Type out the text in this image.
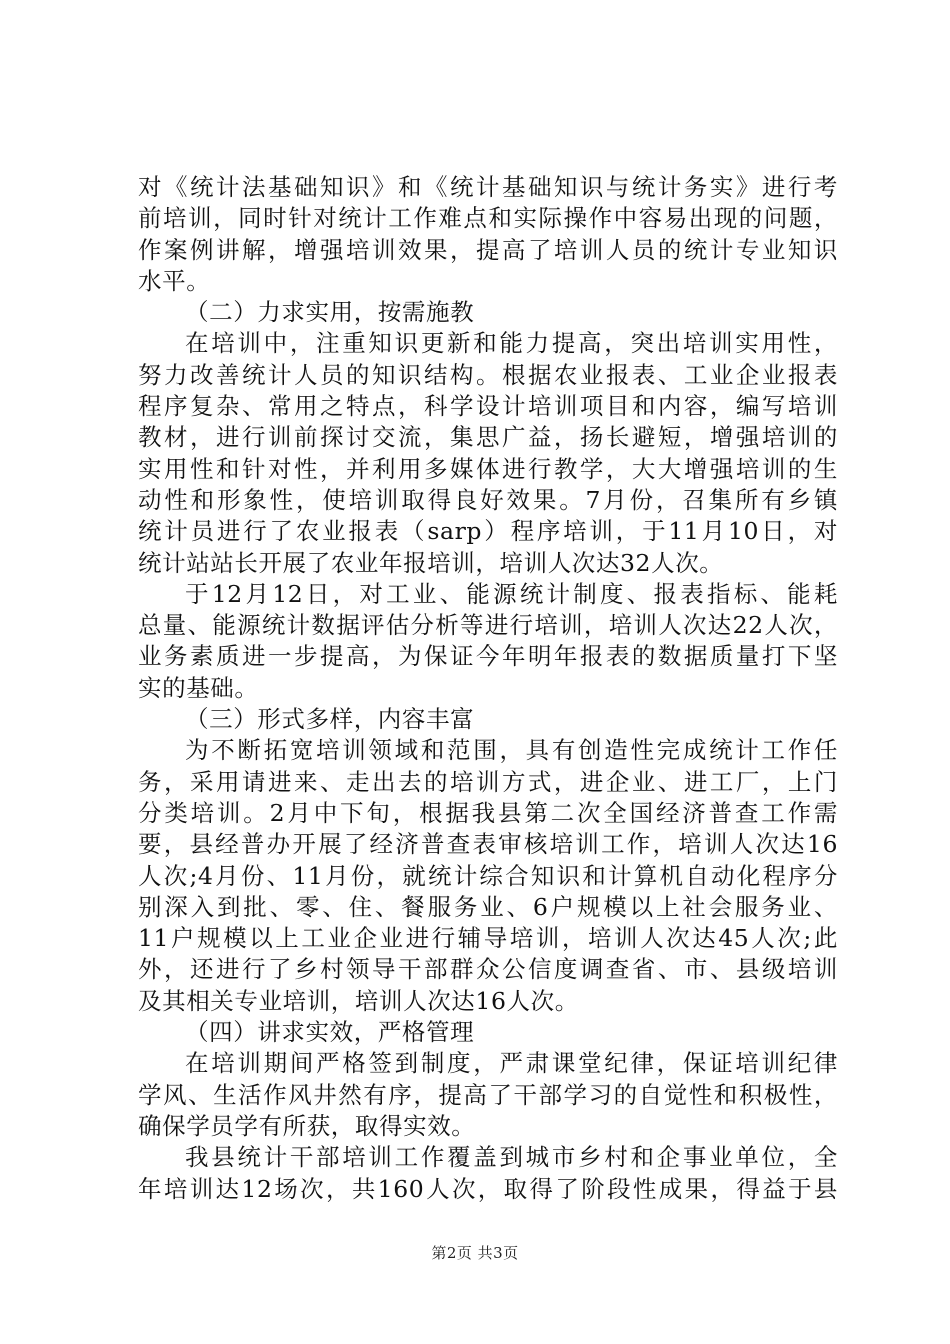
对《统计法基础知识》和《统计基础知识与统计务实》进行考
前培训，同时针对统计工作难点和实际操作中容易出现的问题，
作案例讲解，增强培训效果，提高了培训人员的统计专业知识
水平。
（二）力求实用，按需施教
在培训中，注重知识更新和能力提高，突出培训实用性，
努力改善统计人员的知识结构。根据农业报表、工业企业报表
程序复杂、常用之特点，科学设计培训项目和内容，编写培训
教材，进行训前探讨交流，集思广益，扬长避短，增强培训的
实用性和针对性，并利用多媒体进行教学，大大增强培训的生
动性和形象性，使培训取得良好效果。7月份，召集所有乡镇
统计员进行了农业报表（sarp）程序培训，于11月10日，对
统计站站长开展了农业年报培训，培训人次达32人次。
于12月12日，对工业、能源统计制度、报表指标、能耗
总量、能源统计数据评估分析等进行培训，培训人次达22人次，
业务素质进一步提高，为保证今年明年报表的数据质量打下坚
实的基础。
（三）形式多样，内容丰富
为不断拓宽培训领域和范围，具有创造性完成统计工作任
务，采用请进来、走出去的培训方式，进企业、进工厂，上门
分类培训。2月中下旬，根据我县第二次全国经济普查工作需
要，县经普办开展了经济普查表审核培训工作，培训人次达16
人次;4月份、11月份，就统计综合知识和计算机自动化程序分
别深入到批、零、住、餐服务业、6户规模以上社会服务业、
11户规模以上工业企业进行辅导培训，培训人次达45人次;此
外，还进行了乡村领导干部群众公信度调查省、市、县级培训
及其相关专业培训，培训人次达16人次。
（四）讲求实效，严格管理
在培训期间严格签到制度，严肃课堂纪律，保证培训纪律
学风、生活作风井然有序，提高了干部学习的自觉性和积极性，
确保学员学有所获，取得实效。
我县统计干部培训工作覆盖到城市乡村和企事业单位，全
年培训达12场次，共160人次，取得了阶段性成果，得益于县
第2页 共3页
